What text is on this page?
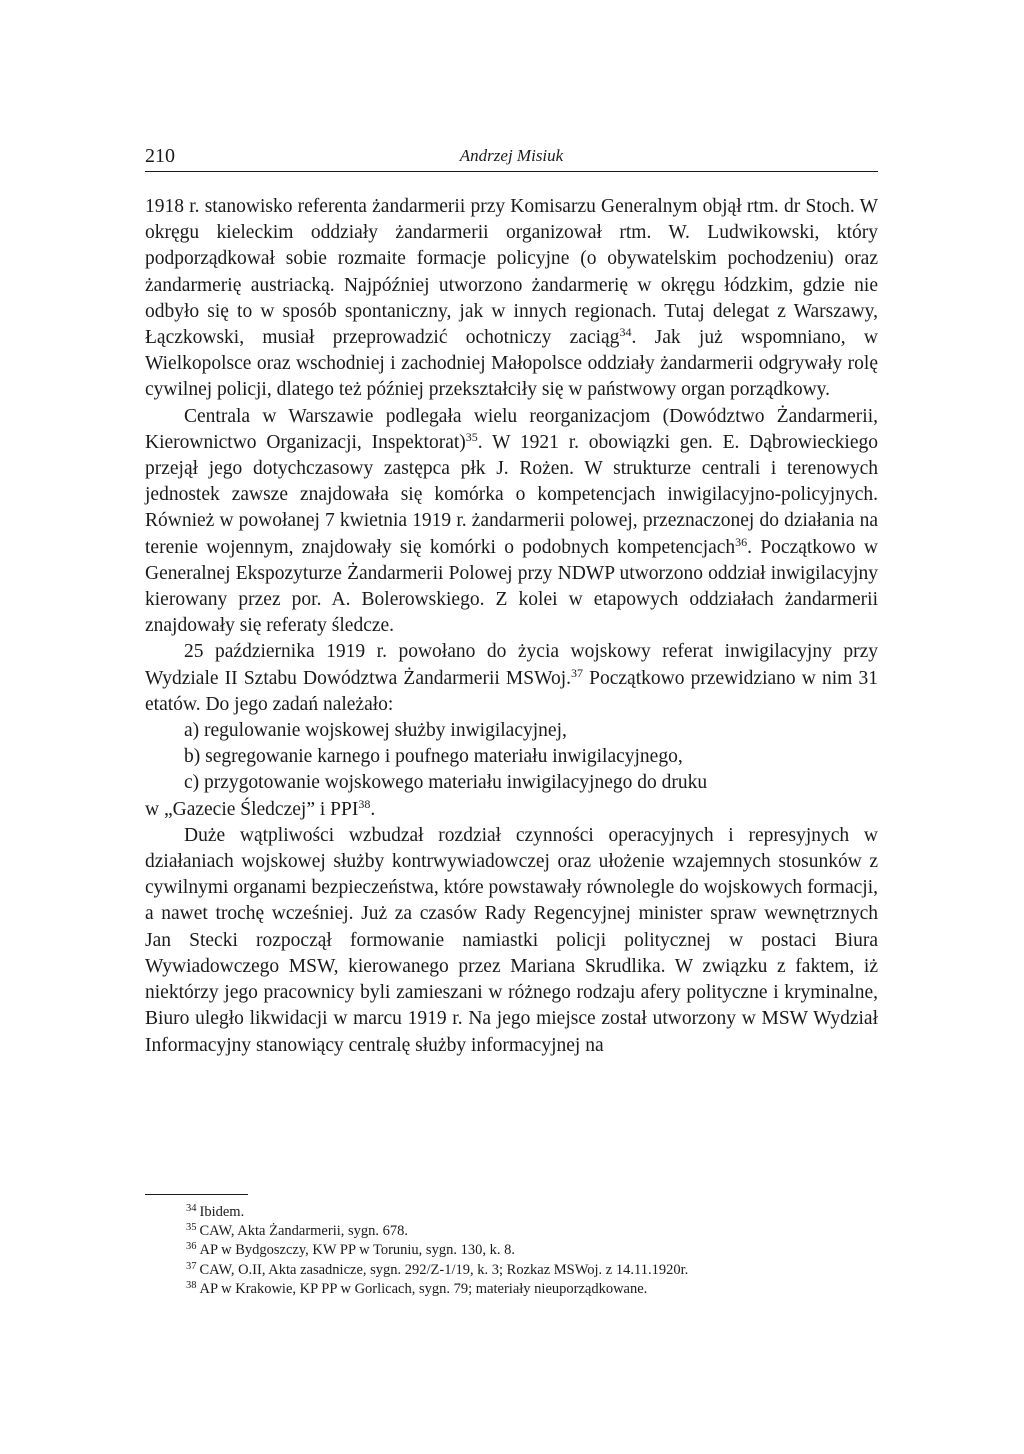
210	Andrzej Misiuk

1918 r. stanowisko referenta żandarmerii przy Komisarzu Generalnym objął rtm. dr Stoch. W okręgu kieleckim oddziały żandarmerii organizował rtm. W. Ludwikowski, który podporządkował sobie rozmaite formacje policyjne (o obywatelskim pochodzeniu) oraz żandarmerię austriacką. Najpóźniej utworzono żandarmerię w okręgu łódzkim, gdzie nie odbyło się to w sposób spontaniczny, jak w innych regionach. Tutaj delegat z Warszawy, Łączkowski, musiał przeprowadzić ochotniczy zaciąg$^{34}$. Jak już wspomniano, w Wielkopolsce oraz wschodniej i zachodniej Małopolsce oddziały żandarmerii odgrywały rolę cywilnej policji, dlatego też później przekształciły się w państwowy organ porządkowy.

Centrala w Warszawie podlegała wielu reorganizacjom (Dowództwo Żandarmerii, Kierownictwo Organizacji, Inspektorat)$^{35}$. W 1921 r. obowiązki gen. E. Dąbrowieckiego przejął jego dotychczasowy zastępca płk J. Rożen. W strukturze centrali i terenowych jednostek zawsze znajdowała się komórka o kompetencjach inwigilacyjno-policyjnych. Również w powołanej 7 kwietnia 1919 r. żandarmerii polowej, przeznaczonej do działania na terenie wojennym, znajdowały się komórki o podobnych kompetencjach$^{36}$. Początkowo w Generalnej Ekspozyturze Żandarmerii Polowej przy NDWP utworzono oddział inwigilacyjny kierowany przez por. A. Bolerowskiego. Z kolei w etapowych oddziałach żandarmerii znajdowały się referaty śledcze.

25 października 1919 r. powołano do życia wojskowy referat inwigilacyjny przy Wydziale II Sztabu Dowództwa Żandarmerii MSWoj.$^{37}$ Początkowo przewidziano w nim 31 etatów. Do jego zadań należało:

a) regulowanie wojskowej służby inwigilacyjnej,

b) segregowanie karnego i poufnego materiału inwigilacyjnego,

c) przygotowanie wojskowego materiału inwigilacyjnego do druku

w „Gazecie Śledczej” i PPI$^{38}$.

Duże wątpliwości wzbudzał rozdział czynności operacyjnych i represyjnych w działaniach wojskowej służby kontrwywiadowczej oraz ułożenie wzajemnych stosunków z cywilnymi organami bezpieczeństwa, które powstawały równolegle do wojskowych formacji, a nawet trochę wcześniej. Już za czasów Rady Regencyjnej minister spraw wewnętrznych Jan Stecki rozpoczął formowanie namiastki policji politycznej w postaci Biura Wywiadowczego MSW, kierowanego przez Mariana Skrudlika. W związku z faktem, iż niektórzy jego pracownicy byli zamieszani w różnego rodzaju afery polityczne i kryminalne, Biuro uległo likwidacji w marcu 1919 r. Na jego miejsce został utworzony w MSW Wydział Informacyjny stanowiący centralę służby informacyjnej na

$^{34}$ Ibidem.
$^{35}$ CAW, Akta Żandarmerii, sygn. 678.
$^{36}$ AP w Bydgoszczy, KW PP w Toruniu, sygn. 130, k. 8.
$^{37}$ CAW, O.II, Akta zasadnicze, sygn. 292/Z-1/19, k. 3; Rozkaz MSWoj. z 14.11.1920r.
$^{38}$ AP w Krakowie, KP PP w Gorlicach, sygn. 79; materiały nieuporządkowane.
